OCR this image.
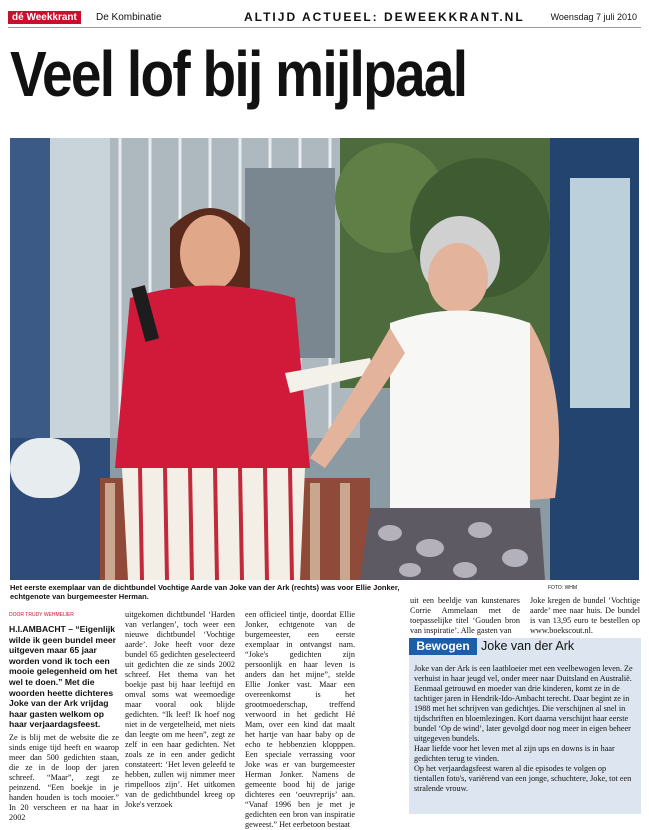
dé Weekkrant	De Kombinatie	ALTIJD ACTUEEL: DEWEEKKRANT.NL	Woensdag 7 juli 2010
Veel lof bij mijlpaal
Het eerste exemplaar van de dichtbundel Vochtige Aarde van Joke van der Ark (rechts) was voor Ellie Jonker, echtgenote van burgemeester Herman.
FOTO: WHM
DOOR TRUDY WEHMEIJER

H.I.AMBACHT – “Eigenlijk wilde ik geen bundel meer uitgeven maar 65 jaar worden vond ik toch een mooie gelegenheid om het wel te doen.” Met die woorden heette dichteres Joke van der Ark vrijdag haar gasten welkom op haar verjaardagsfeest.

Ze is blij met de website die ze sinds enige tijd heeft en waarop meer dan 500 gedichten staan, die ze in de loop der jaren schreef. “Maar”, zegt ze peinzend. “Een boekje in je handen houden is toch mooier.” In 20 verscheen er na haar in 2002

uitgekomen dichtbundel ‘Harden van verlangen’, toch weer een nieuwe dichtbundel ‘Vochtige aarde’. Joke heeft voor deze bundel 65 gedichten geselecteerd uit gedichten die ze sinds 2002 schreef. Het thema van het boekje past bij haar leeftijd en omval soms wat weemoedige maar vooral ook blijde gedichten. “Ik leef! Ik hoef nog niet in de vergetelheid, met niets dan leegte om me heen”, zegt ze zelf in een haar gedichten. Net zoals ze in een ander gedicht constateert: ‘Het leven geleefd te hebben, zullen wij nimmer meer rimpelloos zijn’. Het uitkomen van de gedichtbundel kreeg op Joke's verzoek

een officieel tintje, doordat Ellie Jonker, echtgenote van de burgemeester, een eerste exemplaar in ontvangst nam. “Joke's gedichten zijn persoonlijk en haar leven is anders dan het mijne”, stelde Ellie Jonker vast. Maar een overeenkomst is het grootmoederschap, treffend verwoord in het gedicht Hé Mam, over een kind dat maalt het hartje van haar baby op de echo te hebbenzien klopppen. Een speciale verrassing voor Joke was er van burgemeester Herman Jonker. Namens de gemeente bood hij de jarige dichteres een ‘oeuvreprijs’ aan. “Vanaf 1996 ben je met je gedichten een bron van inspiratie geweest.” Het eerbetoon bestaat

uit een beeldje van kunstenares Corrie Ammelaan met de toepasselijke titel ‘Gouden bron van inspiratie’. Alle gasten van

Joke kregen de bundel ‘Vochtige aarde’ mee naar huis. De bundel is van 13,95 euro te bestellen op www.boekscout.nl.

Bewogen Joke van der Ark

Joke van der Ark is een laatbloeier met een veelbewogen leven. Ze verhuist in haar jeugd vel, onder meer naar Duitsland en Australië.

Eenmaal getrouwd en moeder van drie kinderen, komt ze in de tachtiger jaren in Hendrik-Ido-Ambacht terecht. Daar begint ze in 1988 met het schrijven van gedichtjes. Die verschijnen al snel in tijdschriften en bloemlezingen. Kort daarna verschijnt haar eerste bundel ‘Op de wind’, later gevolgd door nog meer in eigen beheer uitgegeven bundels.

Haar liefde voor het leven met al zijn ups en downs is in haar gedichten terug te vinden.

Op het verjaardagsfeest waren al die episodes te volgen op tientallen foto's, variërend van een jonge, schuchtere, Joke, tot een stralende vrouw.
